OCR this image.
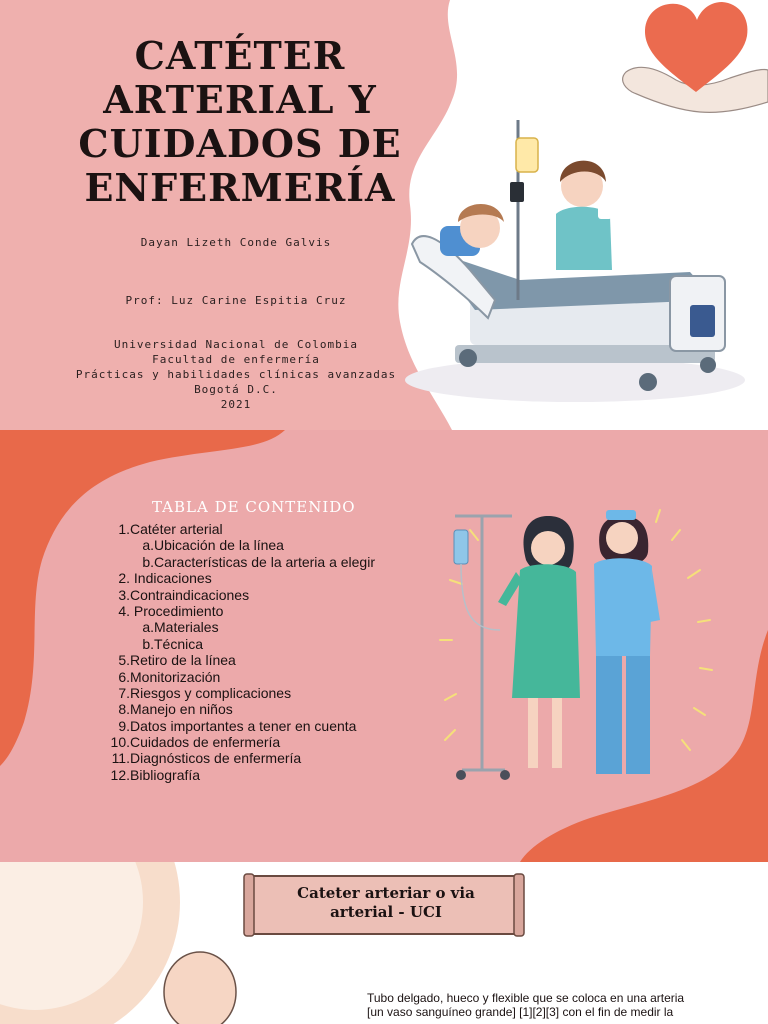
CATÉTER
ARTERIAL Y
CUIDADOS DE
ENFERMERÍA
Dayan Lizeth Conde Galvis
Prof: Luz Carine Espitia Cruz
Universidad Nacional de Colombia
Facultad de enfermería
Prácticas y habilidades clínicas avanzadas
Bogotá D.C.
2021
TABLA DE CONTENIDO
1.Catéter arterial
a.Ubicación de la línea
b.Características de la arteria a elegir
2. Indicaciones
3.Contraindicaciones
4. Procedimiento
a.Materiales
b.Técnica
5.Retiro de la línea
6.Monitorización
7.Riesgos y complicaciones
8.Manejo en niños
9.Datos importantes a tener en cuenta
10.Cuidados de enfermería
11.Diagnósticos de enfermería
12.Bibliografía
Cateter arteriar o via
arterial - UCI
Tubo delgado, hueco y flexible que se coloca en una arteria
[un vaso sanguíneo grande] [1][2][3] con el fin de medir la
